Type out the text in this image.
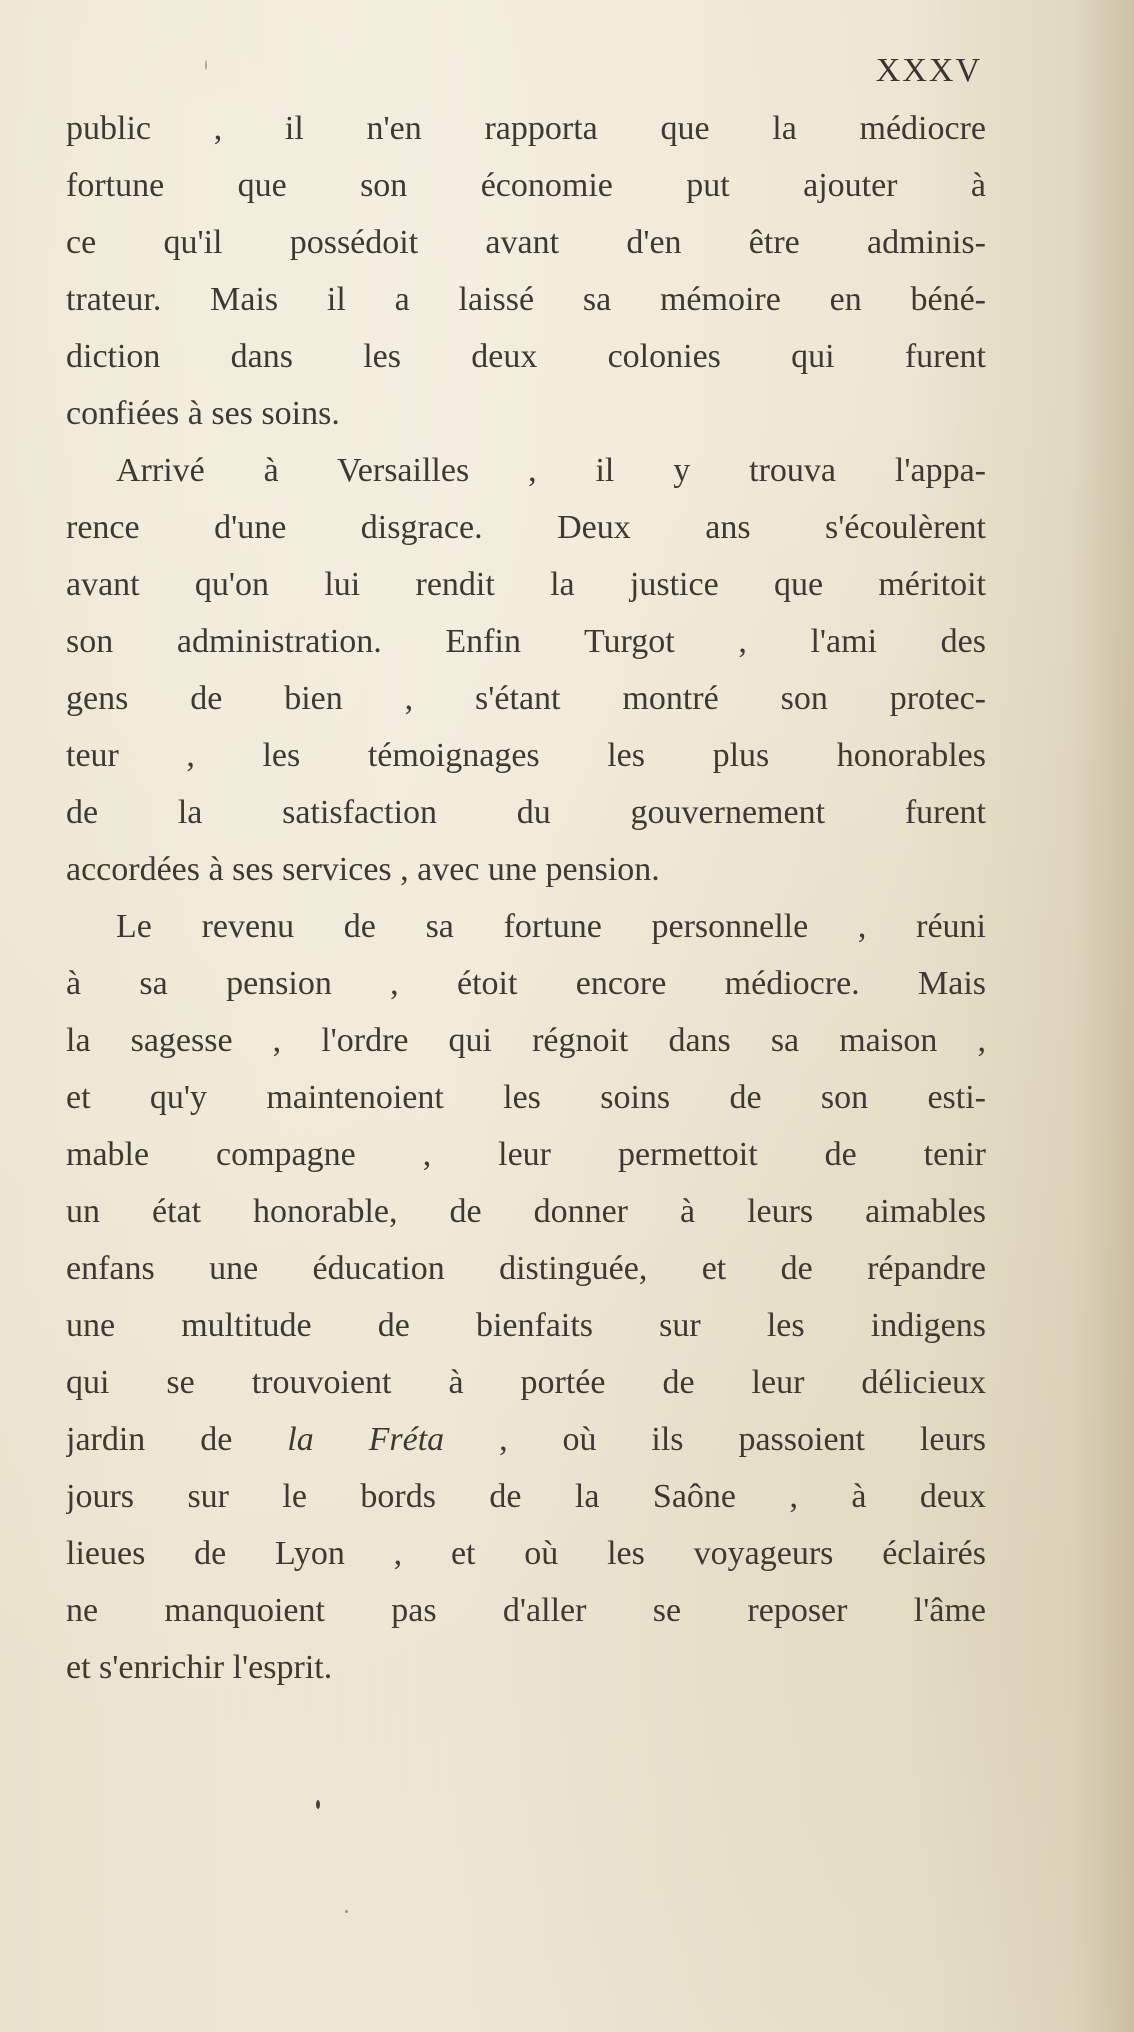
XXXV

public , il n'en rapporta que la médiocre
fortune que son économie put ajouter à
ce qu'il possédoit avant d'en être adminis-
trateur. Mais il a laissé sa mémoire en béné-
diction dans les deux colonies qui furent
confiées à ses soins.
Arrivé à Versailles , il y trouva l'appa-
rence d'une disgrace. Deux ans s'écoulèrent
avant qu'on lui rendit la justice que méritoit
son administration. Enfin Turgot , l'ami des
gens de bien , s'étant montré son protec-
teur , les témoignages les plus honorables
de la satisfaction du gouvernement furent
accordées à ses services , avec une pension.
Le revenu de sa fortune personnelle , réuni
à sa pension , étoit encore médiocre. Mais
la sagesse , l'ordre qui régnoit dans sa maison ,
et qu'y maintenoient les soins de son esti-
mable compagne , leur permettoit de tenir
un état honorable, de donner à leurs aimables
enfans une éducation distinguée, et de répandre
une multitude de bienfaits sur les indigens
qui se trouvoient à portée de leur délicieux
jardin de la Fréta , où ils passoient leurs
jours sur le bords de la Saône , à deux
lieues de Lyon , et où les voyageurs éclairés
ne manquoient pas d'aller se reposer l'âme
et s'enrichir l'esprit.
